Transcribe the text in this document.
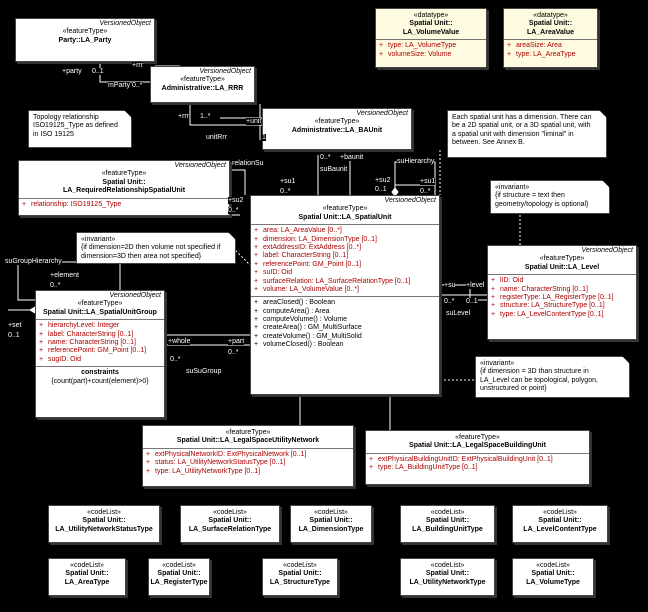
VersionedObject
«featureType»
Party::LA_Party
VersionedObject
«featureType»
Administrative::LA_RRR
Topology relationship ISO19125_Type as defined in ISO 19125
VersionedObject
«featureType»
Administrative::LA_BAUnit
Each spatial unit has a dimension. There can be a 2D spatial unit, or a 3D spatial unit, with a spatial unit with dimension "liminal" in between. See Annex B.
«datatype»
Spatial Unit::
LA_VolumeValue
+ type: LA_VolumeType
+ volumeSize: Volume
«datatype»
Spatial Unit::
LA_AreaValue
+ areaSize: Area
+ type: LA_AreaType
VersionedObject
«featureType»
Spatial Unit::
LA_RequiredRelationshipSpatialUnit
+ relationship: ISO19125_Type
«invariant»
{if structure = text then geometry/topology is optional}
«invariant»
{if dimension=2D then volume not specified if dimension=3D then area not specified}
VersionedObject
«featureType»
Spatial Unit::LA_SpatialUnit
+ area: LA_AreaValue [0..*]
+ dimension: LA_DimensionType [0..1]
+ extAddressID: ExtAddress [0..*]
+ label: CharacterString [0..1]
+ referencePoint: GM_Point [0..1]
+ suID: Oid
+ surfaceRelation: LA_SurfaceRelationType [0..1]
+ volume: LA_VolumeValue [0..*]
+ areaClosed() : Boolean
+ computeArea() : Area
+ computeVolume() : Volume
+ createArea() : GM_MultiSurface
+ createVolume() : GM_MultiSolid
+ volumeClosed() : Boolean
VersionedObject
«featureType»
Spatial Unit::LA_SpatialUnitGroup
+ hierarchyLevel: Integer
+ label: CharacterString [0..1]
+ name: CharacterString [0..1]
+ referencePoint: GM_Point [0..1]
+ sugID: Oid
constraints
{count(part)+count(element)>0}
VersionedObject
«featureType»
Spatial Unit::LA_Level
+ lID: Oid
+ name: CharacterString [0..1]
+ registerType: LA_RegisterType [0..1]
+ structure: LA_StructureType [0..1]
+ type: LA_LevelContentType [0..1]
«invariant»
{if dimension = 3D than structure in LA_Level can be topological, polygon, unstructured or point}
«featureType»
Spatial Unit::LA_LegalSpaceUtilityNetwork
+ extPhysicalNetworkID: ExtPhysicalNetwork [0..1]
+ status: LA_UtilityNetworkStatusType [0..1]
+ type: LA_UtilityNetworkType [0..1]
«featureType»
Spatial Unit::LA_LegalSpaceBuildingUnit
+ extPhysicalBuildingUnitID: ExtPhysicalBuildingUnit [0..1]
+ type: LA_BuildingUnitType [0..1]
«codeList»
Spatial Unit::
LA_UtilityNetworkStatusType
«codeList»
Spatial Unit::
LA_SurfaceRelationType
«codeList»
Spatial Unit::
LA_DimensionType
«codeList»
Spatial Unit::
LA_BuildingUnitType
«codeList»
Spatial Unit::
LA_LevelContentType
«codeList»
Spatial Unit::
LA_AreaType
«codeList»
Spatial Unit::
LA_RegisterType
«codeList»
Spatial Unit::
LA_StructureType
«codeList»
Spatial Unit::
LA_UtilityNetworkType
«codeList»
Spatial Unit::
LA_VolumeType
+party 0..1
+rrr
mParty 0..*
+rrr 1..*
+unit
unitRrr	1
relationSu
0..* +baunit
suBaunit
+su1
0..*
+su2
0..*
suHierarchy
+su1
0..1
+su2
0..*
suGroupHierarchy
+element
0..*
+set
0..1
+whole	+part
0..*
0..*
suSuGroup
+su +level
0..* 0..1
suLevel
